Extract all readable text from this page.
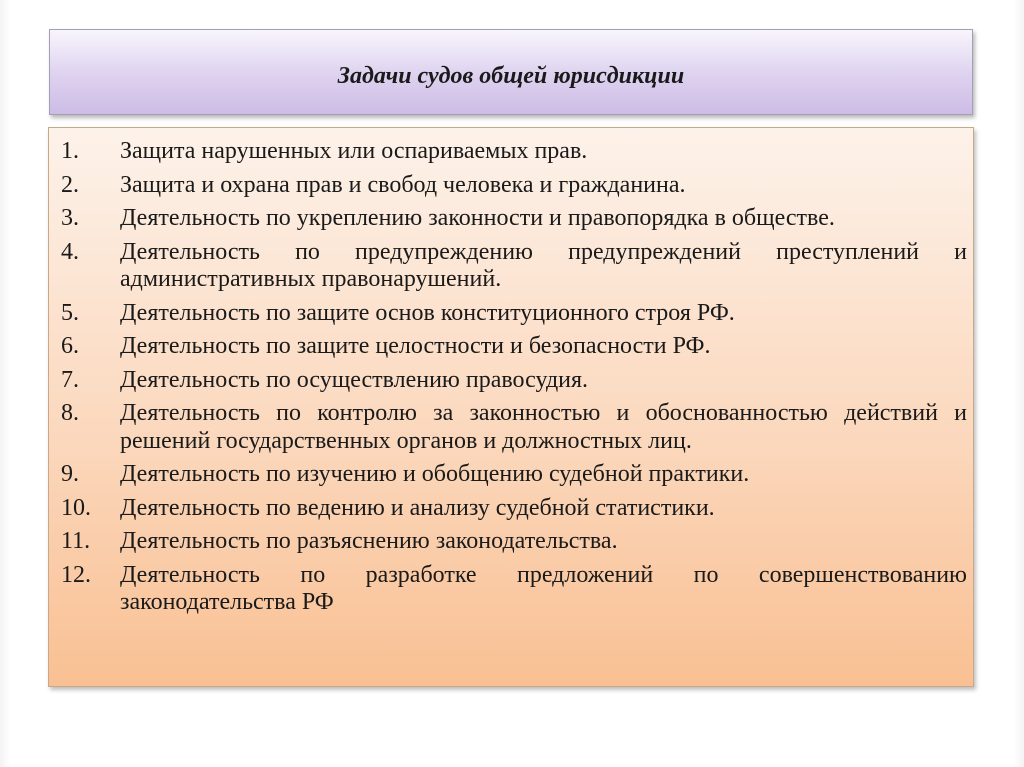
Задачи судов общей юрисдикции
1.	Защита нарушенных или оспариваемых прав.
2.	Защита и охрана прав и свобод человека и гражданина.
3.	Деятельность по укреплению законности и правопорядка в обществе.
4.	Деятельность по предупреждению предупреждений преступлений и административных правонарушений.
5.	Деятельность по защите основ конституционного строя РФ.
6.	Деятельность по защите целостности и безопасности РФ.
7.	Деятельность по осуществлению правосудия.
8.	Деятельность по контролю за законностью и обоснованностью действий и решений государственных органов и должностных лиц.
9.	Деятельность по изучению и обобщению судебной практики.
10.	Деятельность по ведению и анализу судебной статистики.
11.	Деятельность по разъяснению законодательства.
12.	Деятельность по разработке предложений по совершенствованию законодательства РФ
